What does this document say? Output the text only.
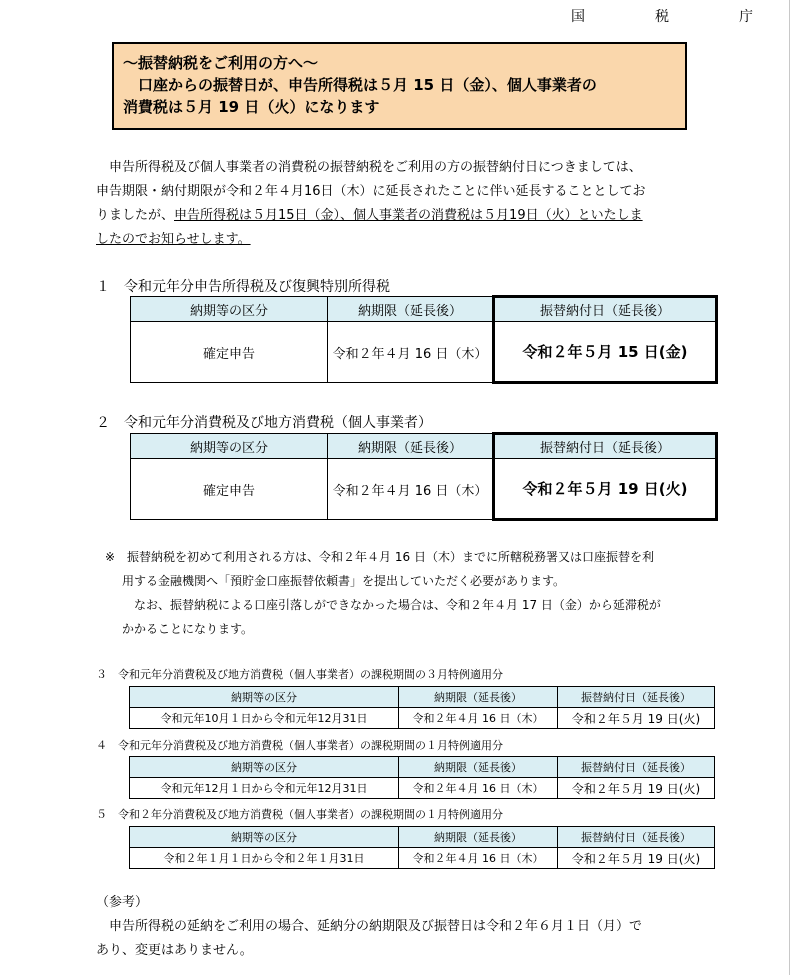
国　税　庁
～振替納税をご利用の方へ～
　口座からの振替日が、申告所得税は５月 15 日（金）、個人事業者の
消費税は５月 19 日（火）になります
　申告所得税及び個人事業者の消費税の振替納税をご利用の方の振替納付日につきましては、
申告期限・納付期限が令和２年４月16日（木）に延長されたことに伴い延長することとしてお
りましたが、申告所得税は５月15日（金）、個人事業者の消費税は５月19日（火）といたしま
したのでお知らせします。
１　令和元年分申告所得税及び復興特別所得税
納期等の区分	納期限（延長後）	振替納付日（延長後）
確定申告	令和２年４月 16 日（木）	令和２年５月 15 日(金)
２　令和元年分消費税及び地方消費税（個人事業者）
納期等の区分	納期限（延長後）	振替納付日（延長後）
確定申告	令和２年４月 16 日（木）	令和２年５月 19 日(火)
※　振替納税を初めて利用される方は、令和２年４月 16 日（木）までに所轄税務署又は口座振替を利
用する金融機関へ「預貯金口座振替依頼書」を提出していただく必要があります。
　なお、振替納税による口座引落しができなかった場合は、令和２年４月 17 日（金）から延滞税が
かかることになります。
３　令和元年分消費税及び地方消費税（個人事業者）の課税期間の３月特例適用分
納期等の区分	納期限（延長後）	振替納付日（延長後）
令和元年10月１日から令和元年12月31日	令和２年４月 16 日（木）	令和２年５月 19 日(火)
４　令和元年分消費税及び地方消費税（個人事業者）の課税期間の１月特例適用分
納期等の区分	納期限（延長後）	振替納付日（延長後）
令和元年12月１日から令和元年12月31日	令和２年４月 16 日（木）	令和２年５月 19 日(火)
５　令和２年分消費税及び地方消費税（個人事業者）の課税期間の１月特例適用分
納期等の区分	納期限（延長後）	振替納付日（延長後）
令和２年１月１日から令和２年１月31日	令和２年４月 16 日（木）	令和２年５月 19 日(火)
（参考）
　申告所得税の延納をご利用の場合、延納分の納期限及び振替日は令和２年６月１日（月）で
あり、変更はありません。
